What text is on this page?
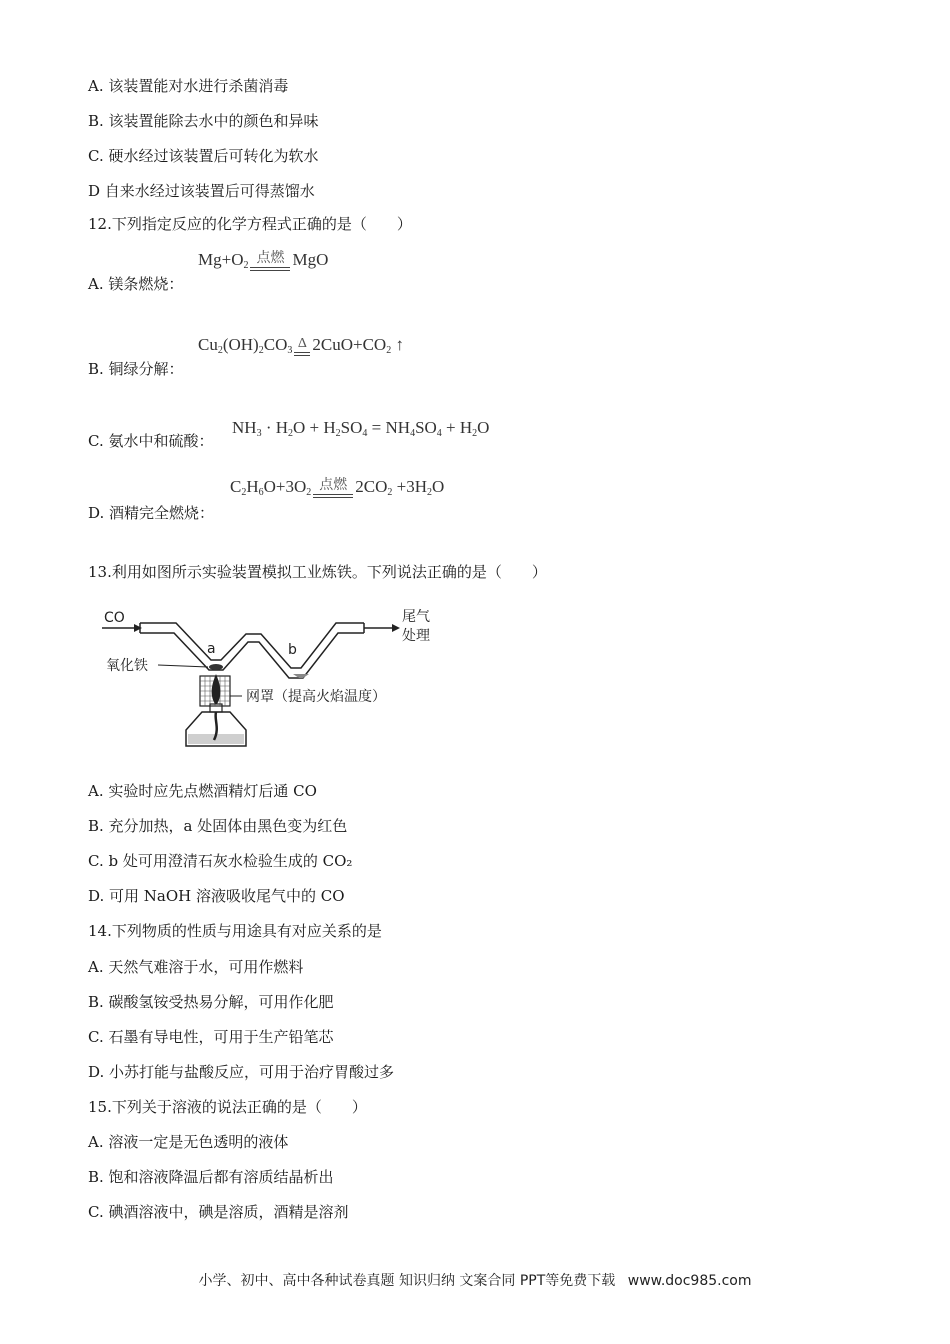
A. 该装置能对水进行杀菌消毒
B. 该装置能除去水中的颜色和异味
C. 硬水经过该装置后可转化为软水
D 自来水经过该装置后可得蒸馏水
12.下列指定反应的化学方程式正确的是（　　）
A. 镁条燃烧：
$Mg+O_2$ 点燃 MgO
B. 铜绿分解：
$Cu_2(OH)_2CO_3$ Δ $2CuO+CO_2$ ↑
C. 氨水中和硫酸：
$NH_3 \cdot H_2O + H_2SO_4 = NH_4SO_4 + H_2O$
D. 酒精完全燃烧：
$C_2H_6O+3O_2$ 点燃 $2CO_2 +3H_2O$
13.利用如图所示实验装置模拟工业炼铁。下列说法正确的是（　　）
CO	尾气
处理
a	b
氧化铁
网罩（提高火焰温度）
A. 实验时应先点燃酒精灯后通 CO
B. 充分加热，a 处固体由黑色变为红色
C. b 处可用澄清石灰水检验生成的 CO₂
D. 可用 NaOH 溶液吸收尾气中的 CO
14.下列物质的性质与用途具有对应关系的是
A. 天然气难溶于水，可用作燃料
B. 碳酸氢铵受热易分解，可用作化肥
C. 石墨有导电性，可用于生产铅笔芯
D. 小苏打能与盐酸反应，可用于治疗胃酸过多
15.下列关于溶液的说法正确的是（　　）
A. 溶液一定是无色透明的液体
B. 饱和溶液降温后都有溶质结晶析出
C. 碘酒溶液中，碘是溶质，酒精是溶剂
小学、初中、高中各种试卷真题 知识归纳 文案合同 PPT等免费下载 www.doc985.com
